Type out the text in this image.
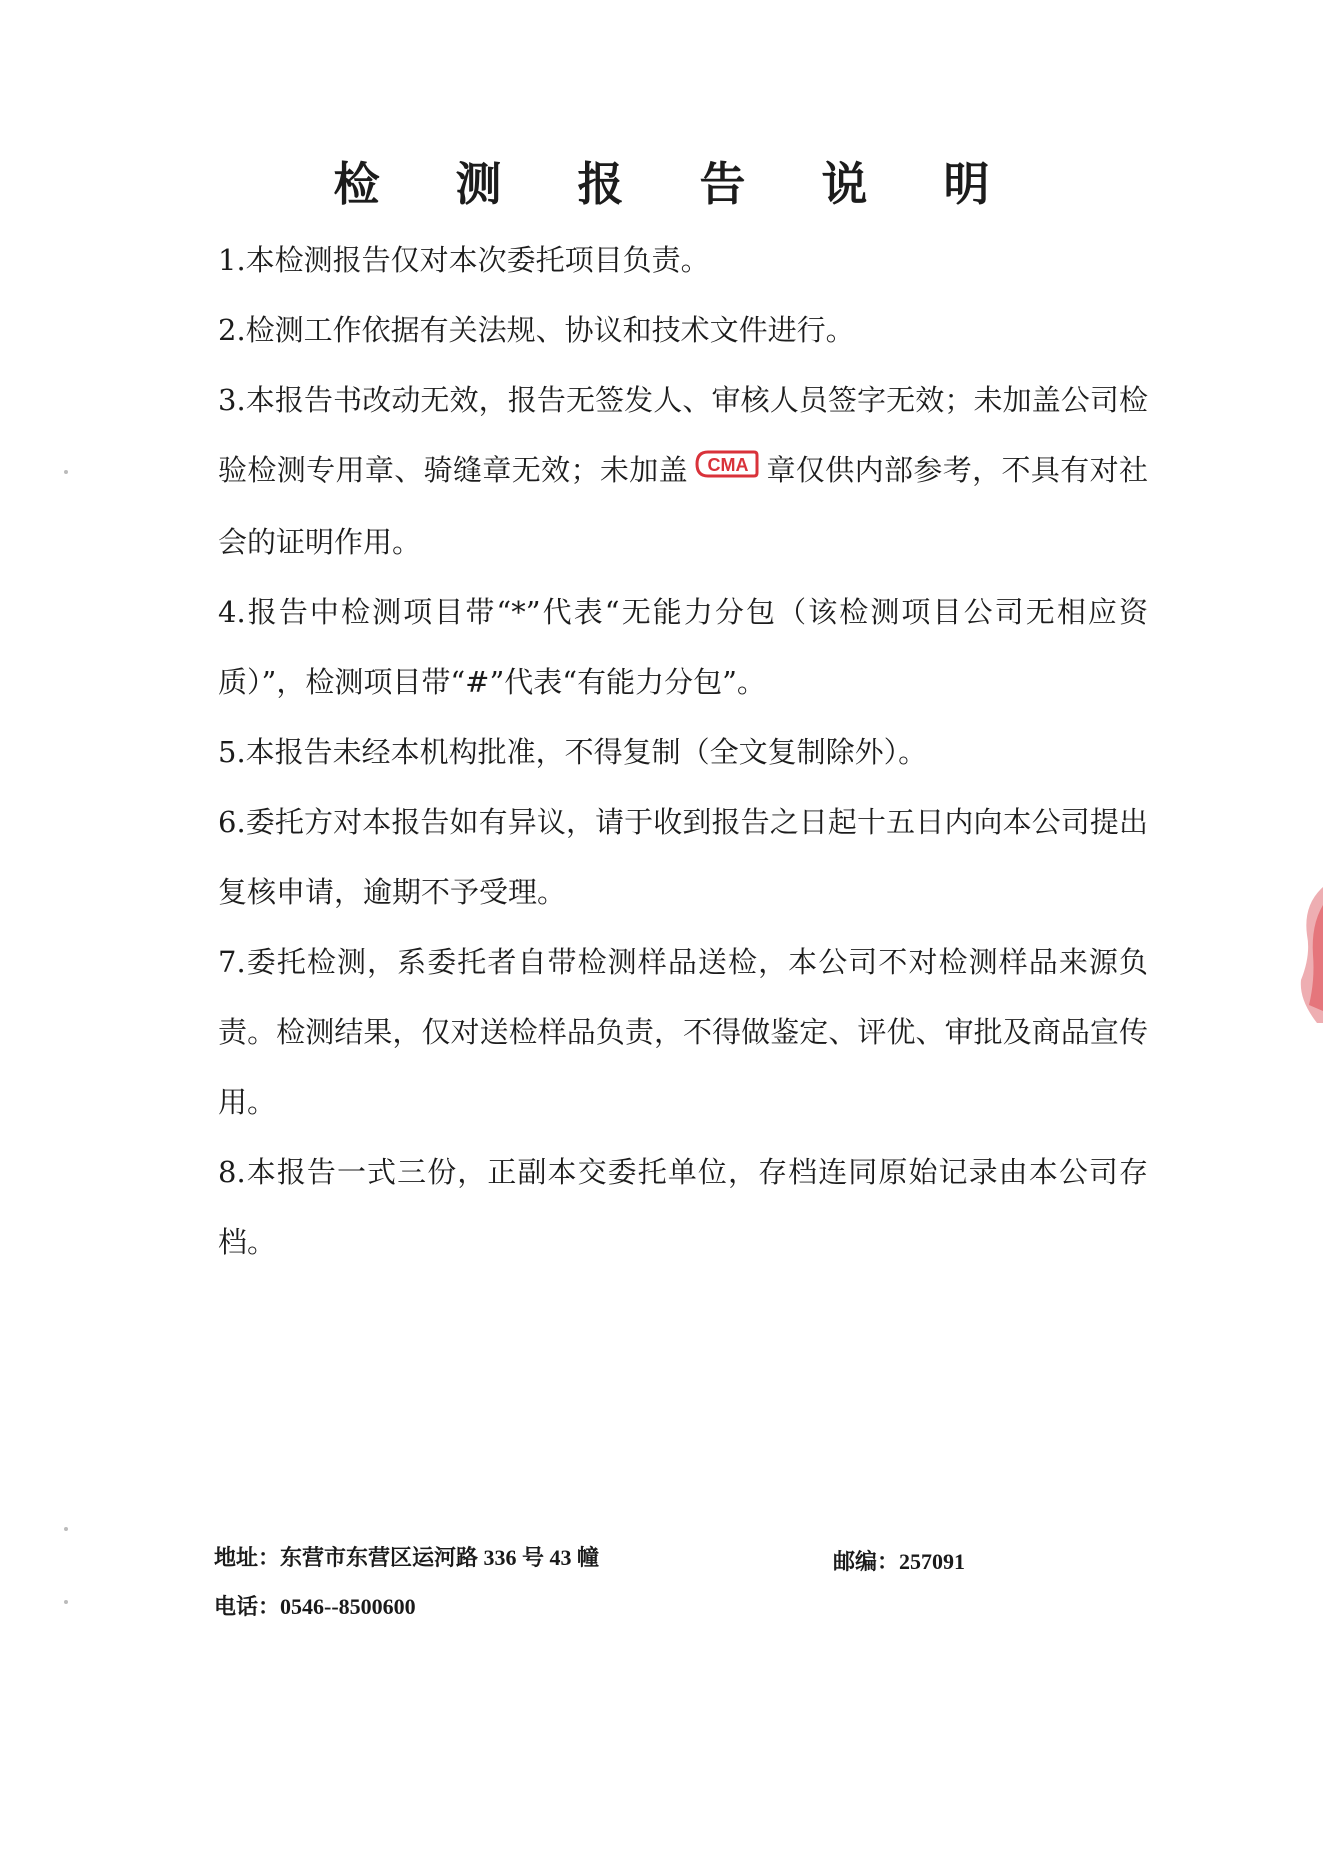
检 测 报 告 说 明

1.本检测报告仅对本次委托项目负责。

2.检测工作依据有关法规、协议和技术文件进行。

3.本报告书改动无效，报告无签发人、审核人员签字无效；未加盖公司检验检测专用章、骑缝章无效；未加盖 CMA 章仅供内部参考，不具有对社会的证明作用。

4.报告中检测项目带“*”代表“无能力分包（该检测项目公司无相应资质）”，检测项目带“#”代表“有能力分包”。

5.本报告未经本机构批准，不得复制（全文复制除外）。

6.委托方对本报告如有异议，请于收到报告之日起十五日内向本公司提出复核申请，逾期不予受理。

7.委托检测，系委托者自带检测样品送检，本公司不对检测样品来源负责。检测结果，仅对送检样品负责，不得做鉴定、评优、审批及商品宣传用。

8.本报告一式三份，正副本交委托单位，存档连同原始记录由本公司存档。

地址：东营市东营区运河路 336 号 43 幢	邮编：257091
电话：0546--8500600
